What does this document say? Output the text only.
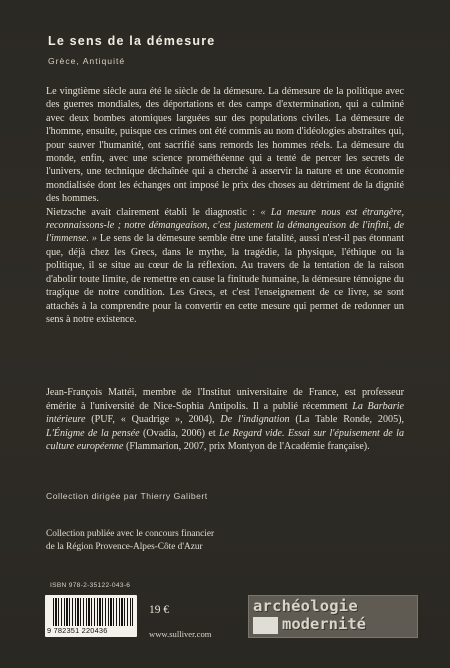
Le sens de la démesure
Grèce, Antiquité

Le vingtième siècle aura été le siècle de la démesure. La démesure de la politique avec des guerres mondiales, des déportations et des camps d'extermination, qui a culminé avec deux bombes atomiques larguées sur des populations civiles. La démesure de l'homme, ensuite, puisque ces crimes ont été commis au nom d'idéologies abstraites qui, pour sauver l'humanité, ont sacrifié sans remords les hommes réels. La démesure du monde, enfin, avec une science prométhéenne qui a tenté de percer les secrets de l'univers, une technique déchaînée qui a cherché à asservir la nature et une économie mondialisée dont les échanges ont imposé le prix des choses au détriment de la dignité des hommes.

Nietzsche avait clairement établi le diagnostic : « La mesure nous est étrangère, reconnaissons-le ; notre démangeaison, c'est justement la démangeaison de l'infini, de l'immense. » Le sens de la démesure semble être une fatalité, aussi n'est-il pas étonnant que, déjà chez les Grecs, dans le mythe, la tragédie, la physique, l'éthique ou la politique, il se situe au cœur de la réflexion. Au travers de la tentation de la raison d'abolir toute limite, de remettre en cause la finitude humaine, la démesure témoigne du tragique de notre condition. Les Grecs, et c'est l'enseignement de ce livre, se sont attachés à la comprendre pour la convertir en cette mesure qui permet de redonner un sens à notre existence.

Jean-François Mattéi, membre de l'Institut universitaire de France, est professeur émérite à l'université de Nice-Sophia Antipolis. Il a publié récemment La Barbarie intérieure (PUF, « Quadrige », 2004), De l'indignation (La Table Ronde, 2005), L'Énigme de la pensée (Ovadia, 2006) et Le Regard vide. Essai sur l'épuisement de la culture européenne (Flammarion, 2007, prix Montyon de l'Académie française).

Collection dirigée par Thierry Galibert
Collection publiée avec le concours financier
de la Région Provence-Alpes-Côte d'Azur
ISBN 978-2-35122-043-6
9 782351 220436
19 €
www.sulliver.com
archéologie
modernité
